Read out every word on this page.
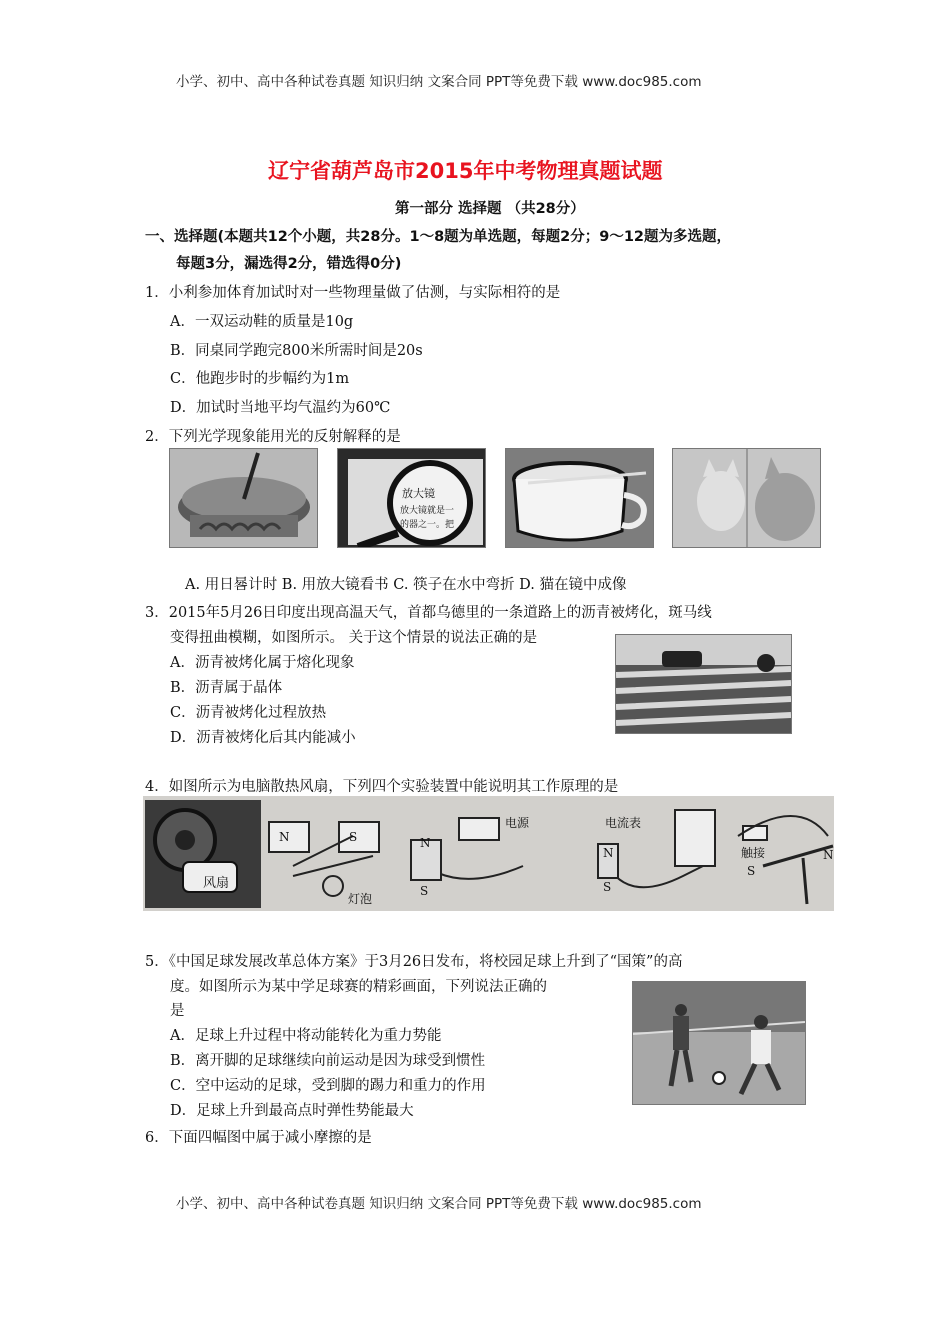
小学、初中、高中各种试卷真题 知识归纳 文案合同 PPT等免费下载 www.doc985.com
辽宁省葫芦岛市2015年中考物理真题试题
第一部分 选择题 （共28分）
一、选择题(本题共12个小题，共28分。1～8题为单选题，每题2分；9～12题为多选题，
每题3分，漏选得2分，错选得0分)
1．小利参加体育加试时对一些物理量做了估测，与实际相符的是
A．一双运动鞋的质量是10g
B．同桌同学跑完800米所需时间是20s
C．他跑步时的步幅约为1m
D．加试时当地平均气温约为60℃
2．下列光学现象能用光的反射解释的是
放大镜
放大镜就是一
的器之一。把
A. 用日晷计时 B. 用放大镜看书 C. 筷子在水中弯折 D. 猫在镜中成像
3．2015年5月26日印度出现高温天气，首都乌德里的一条道路上的沥青被烤化，斑马线
变得扭曲模糊，如图所示。 关于这个情景的说法正确的是
A．沥青被烤化属于熔化现象
B．沥青属于晶体
C．沥青被烤化过程放热
D．沥青被烤化后其内能减小
4．如图所示为电脑散热风扇，下列四个实验装置中能说明其工作原理的是
风扇
灯泡
电源	电流表
触接
N	S	N
S
N
S
S
N
5．《中国足球发展改革总体方案》于3月26日发布，将校园足球上升到了“国策”的高
度。如图所示为某中学足球赛的精彩画面，下列说法正确的
是
A．足球上升过程中将动能转化为重力势能
B．离开脚的足球继续向前运动是因为球受到惯性
C．空中运动的足球，受到脚的踢力和重力的作用
D．足球上升到最高点时弹性势能最大
6．下面四幅图中属于减小摩擦的是
小学、初中、高中各种试卷真题 知识归纳 文案合同 PPT等免费下载 www.doc985.com
